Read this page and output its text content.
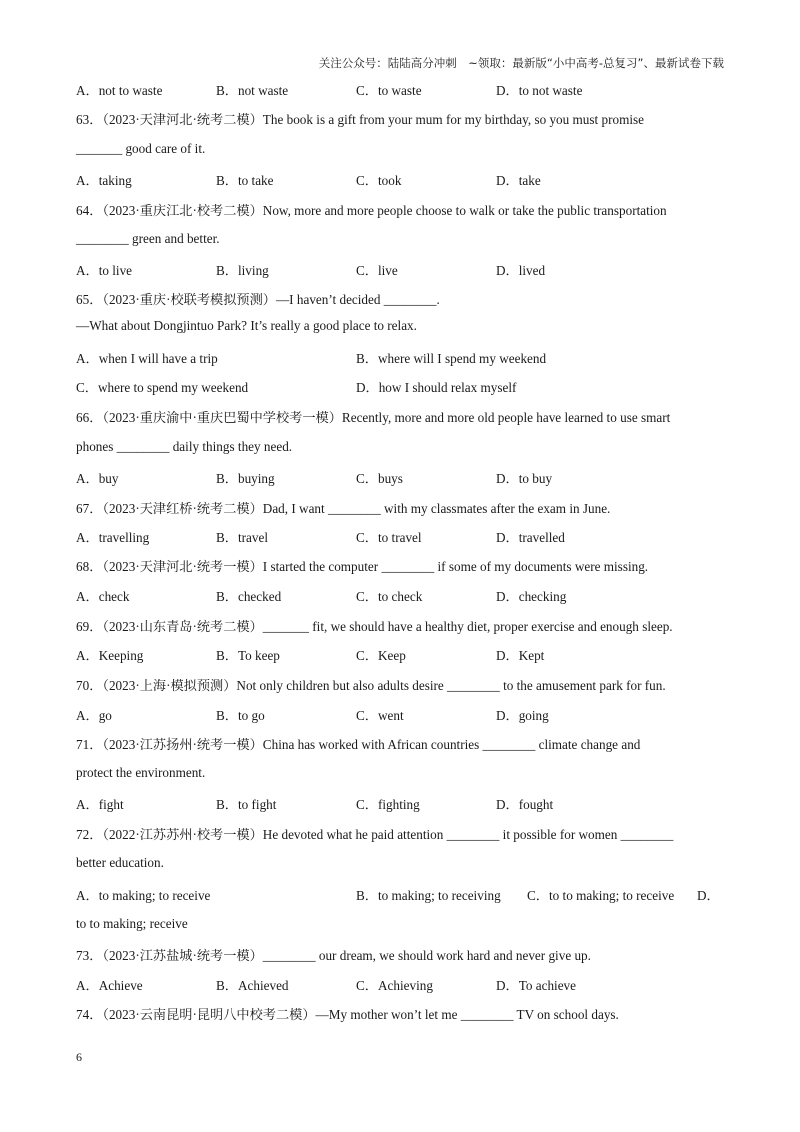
关注公众号：陆陆高分冲刺　~领取：最新版“小中高考-总复习”、最新试卷下载
A．not to waste	B．not waste	C．to waste	D．to not waste
63．（2023·天津河北·统考二模）The book is a gift from your mum for my birthday, so you must promise
_______ good care of it.
A．taking	B．to take	C．took	D．take
64．（2023·重庆江北·校考二模）Now, more and more people choose to walk or take the public transportation
________ green and better.
A．to live	B．living	C．live	D．lived
65．（2023·重庆·校联考模拟预测）—I haven’t decided ________.
—What about Dongjintuo Park? It’s really a good place to relax.
A．when I will have a trip	B．where will I spend my weekend
C．where to spend my weekend	D．how I should relax myself
66．（2023·重庆渝中·重庆巴蜀中学校考一模）Recently, more and more old people have learned to use smart
phones ________ daily things they need.
A．buy	B．buying	C．buys	D．to buy
67．（2023·天津红桥·统考二模）Dad, I want ________ with my classmates after the exam in June.
A．travelling	B．travel	C．to travel	D．travelled
68．（2023·天津河北·统考一模）I started the computer ________ if some of my documents were missing.
A．check	B．checked	C．to check	D．checking
69．（2023·山东青岛·统考二模）_______ fit, we should have a healthy diet, proper exercise and enough sleep.
A．Keeping	B．To keep	C．Keep	D．Kept
70．（2023·上海·模拟预测）Not only children but also adults desire ________ to the amusement park for fun.
A．go	B．to go	C．went	D．going
71．（2023·江苏扬州·统考一模）China has worked with African countries ________ climate change and
protect the environment.
A．fight	B．to fight	C．fighting	D．fought
72．（2022·江苏苏州·校考一模）He devoted what he paid attention ________ it possible for women ________
better education.
A．to making; to receive	B．to making; to receiving C．to to making; to receive D．
to to making; receive
73．（2023·江苏盐城·统考一模）________ our dream, we should work hard and never give up.
A．Achieve	B．Achieved	C．Achieving	D．To achieve
74．（2023·云南昆明·昆明八中校考二模）—My mother won’t let me ________ TV on school days.
6
